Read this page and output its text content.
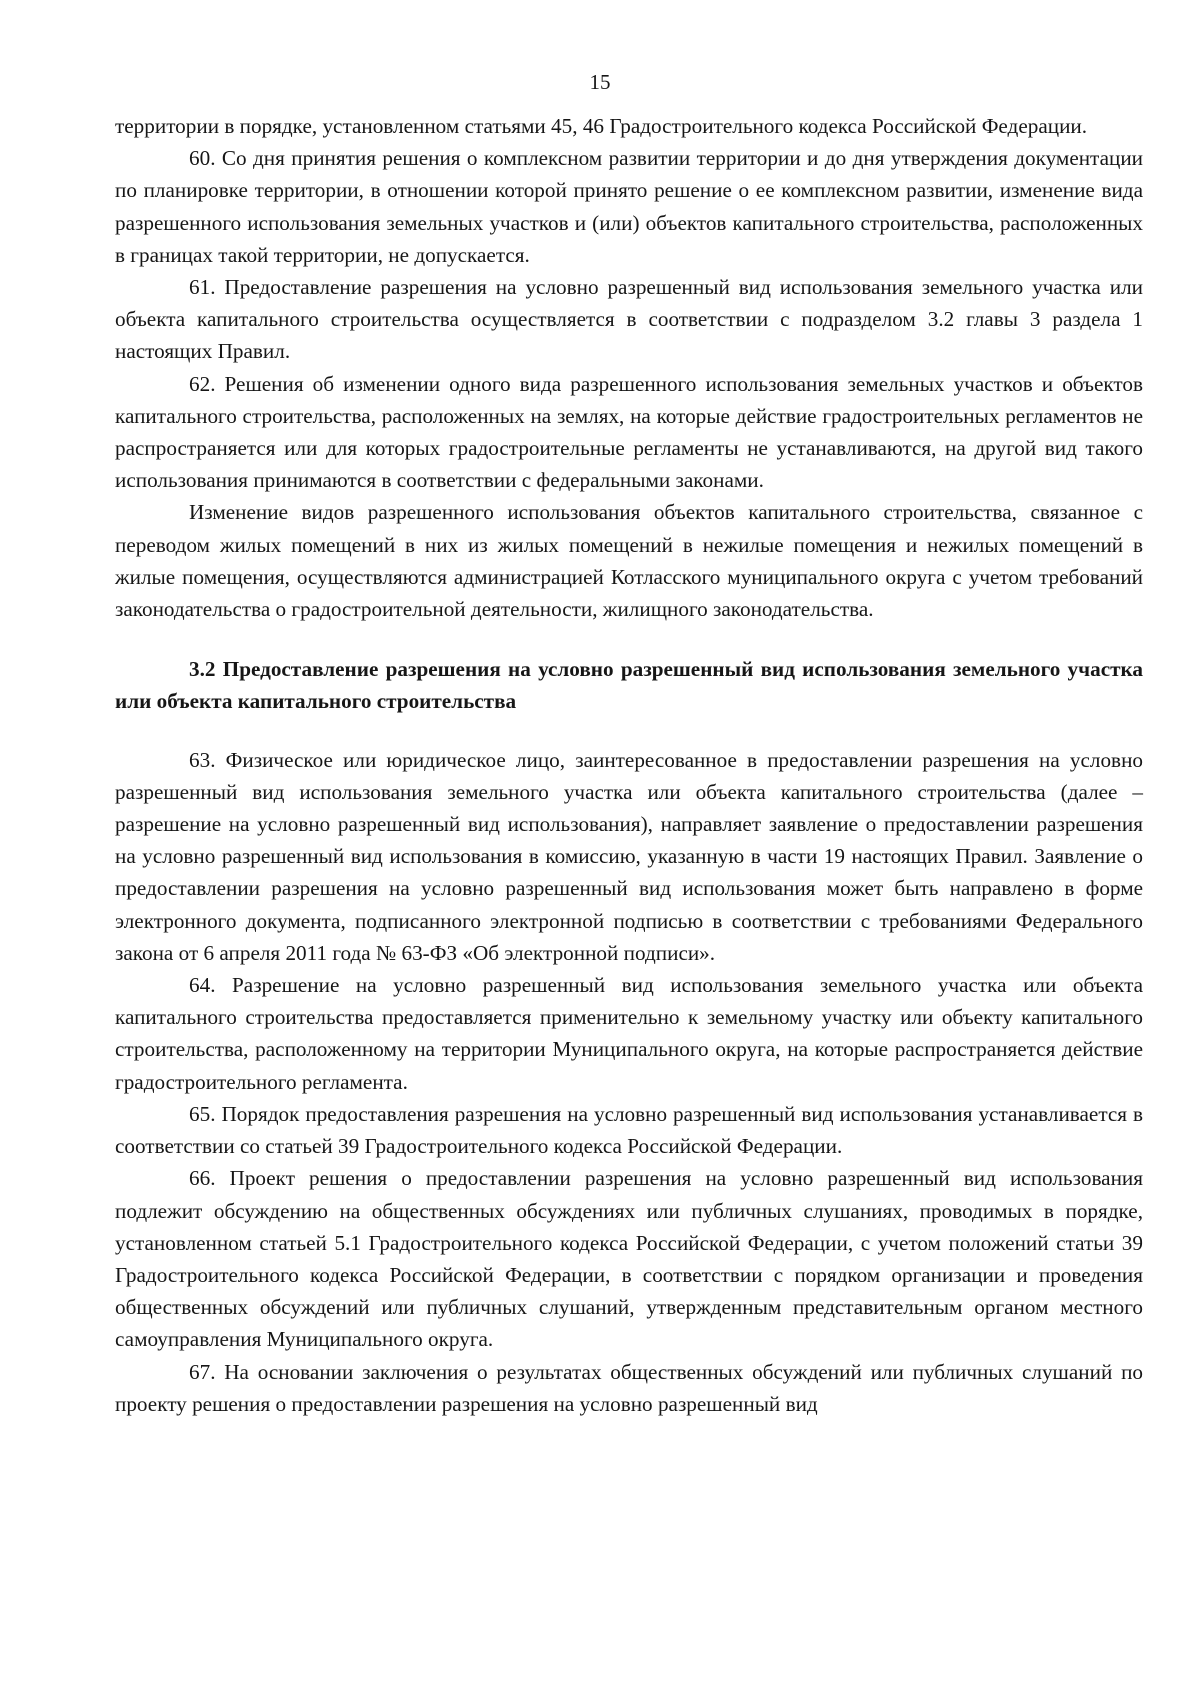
15

территории в порядке, установленном статьями 45, 46 Градостроительного кодекса Российской Федерации.

60. Со дня принятия решения о комплексном развитии территории и до дня утверждения документации по планировке территории, в отношении которой принято решение о ее комплексном развитии, изменение вида разрешенного использования земельных участков и (или) объектов капитального строительства, расположенных в границах такой территории, не допускается.

61. Предоставление разрешения на условно разрешенный вид использования земельного участка или объекта капитального строительства осуществляется в соответствии с подразделом 3.2 главы 3 раздела 1 настоящих Правил.

62. Решения об изменении одного вида разрешенного использования земельных участков и объектов капитального строительства, расположенных на землях, на которые действие градостроительных регламентов не распространяется или для которых градостроительные регламенты не устанавливаются, на другой вид такого использования принимаются в соответствии с федеральными законами.

Изменение видов разрешенного использования объектов капитального строительства, связанное с переводом жилых помещений в них из жилых помещений в нежилые помещения и нежилых помещений в жилые помещения, осуществляются администрацией Котласского муниципального округа с учетом требований законодательства о градостроительной деятельности, жилищного законодательства.

3.2 Предоставление разрешения на условно разрешенный вид использования земельного участка или объекта капитального строительства

63. Физическое или юридическое лицо, заинтересованное в предоставлении разрешения на условно разрешенный вид использования земельного участка или объекта капитального строительства (далее – разрешение на условно разрешенный вид использования), направляет заявление о предоставлении разрешения на условно разрешенный вид использования в комиссию, указанную в части 19 настоящих Правил. Заявление о предоставлении разрешения на условно разрешенный вид использования может быть направлено в форме электронного документа, подписанного электронной подписью в соответствии с требованиями Федерального закона от 6 апреля 2011 года № 63-ФЗ «Об электронной подписи».

64. Разрешение на условно разрешенный вид использования земельного участка или объекта капитального строительства предоставляется применительно к земельному участку или объекту капитального строительства, расположенному на территории Муниципального округа, на которые распространяется действие градостроительного регламента.

65. Порядок предоставления разрешения на условно разрешенный вид использования устанавливается в соответствии со статьей 39 Градостроительного кодекса Российской Федерации.

66. Проект решения о предоставлении разрешения на условно разрешенный вид использования подлежит обсуждению на общественных обсуждениях или публичных слушаниях, проводимых в порядке, установленном статьей 5.1 Градостроительного кодекса Российской Федерации, с учетом положений статьи 39 Градостроительного кодекса Российской Федерации, в соответствии с порядком организации и проведения общественных обсуждений или публичных слушаний, утвержденным представительным органом местного самоуправления Муниципального округа.

67. На основании заключения о результатах общественных обсуждений или публичных слушаний по проекту решения о предоставлении разрешения на условно разрешенный вид
